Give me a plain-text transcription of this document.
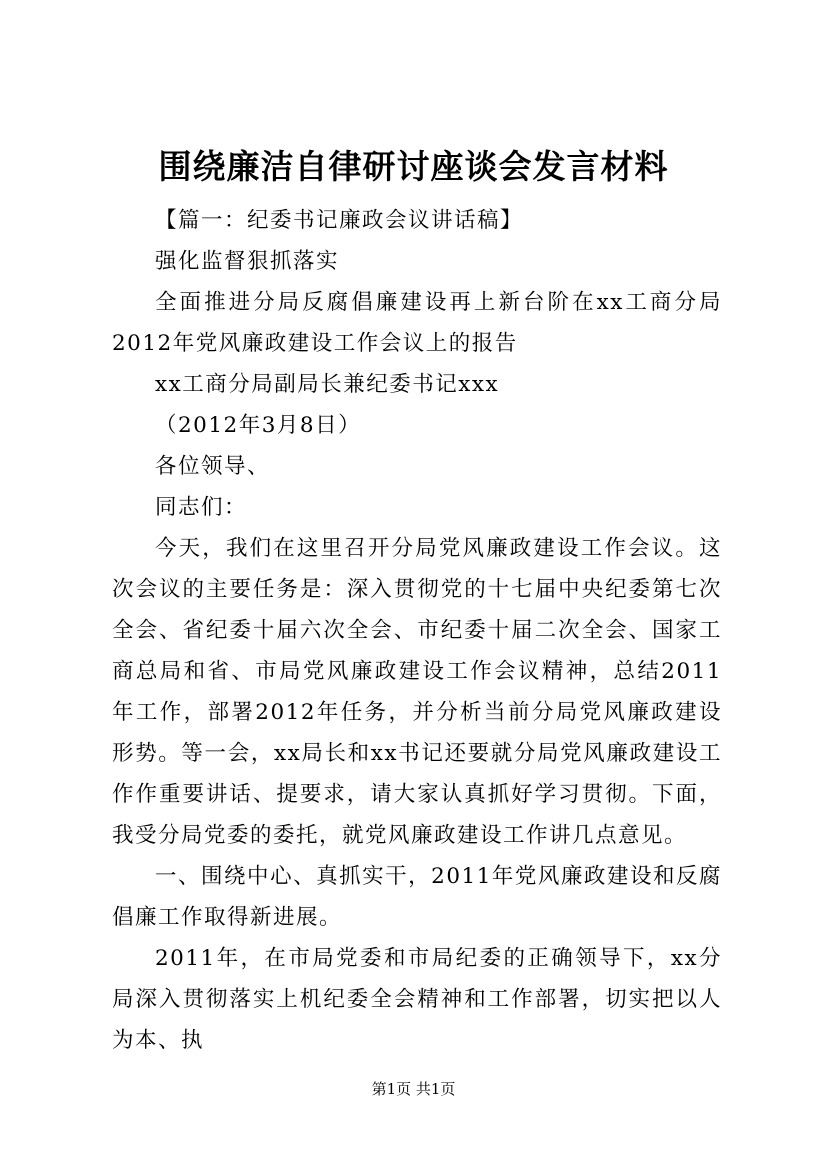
围绕廉洁自律研讨座谈会发言材料

【篇一：纪委书记廉政会议讲话稿】

强化监督狠抓落实

全面推进分局反腐倡廉建设再上新台阶在xx工商分局2012年党风廉政建设工作会议上的报告

xx工商分局副局长兼纪委书记xxx

（2012年3月8日）

各位领导、

同志们：

今天，我们在这里召开分局党风廉政建设工作会议。这次会议的主要任务是：深入贯彻党的十七届中央纪委第七次全会、省纪委十届六次全会、市纪委十届二次全会、国家工商总局和省、市局党风廉政建设工作会议精神，总结2011年工作，部署2012年任务，并分析当前分局党风廉政建设形势。等一会，xx局长和xx书记还要就分局党风廉政建设工作作重要讲话、提要求，请大家认真抓好学习贯彻。下面，我受分局党委的委托，就党风廉政建设工作讲几点意见。

一、围绕中心、真抓实干，2011年党风廉政建设和反腐倡廉工作取得新进展。

2011年，在市局党委和市局纪委的正确领导下，xx分局深入贯彻落实上机纪委全会精神和工作部署，切实把以人为本、执

第1页 共1页
